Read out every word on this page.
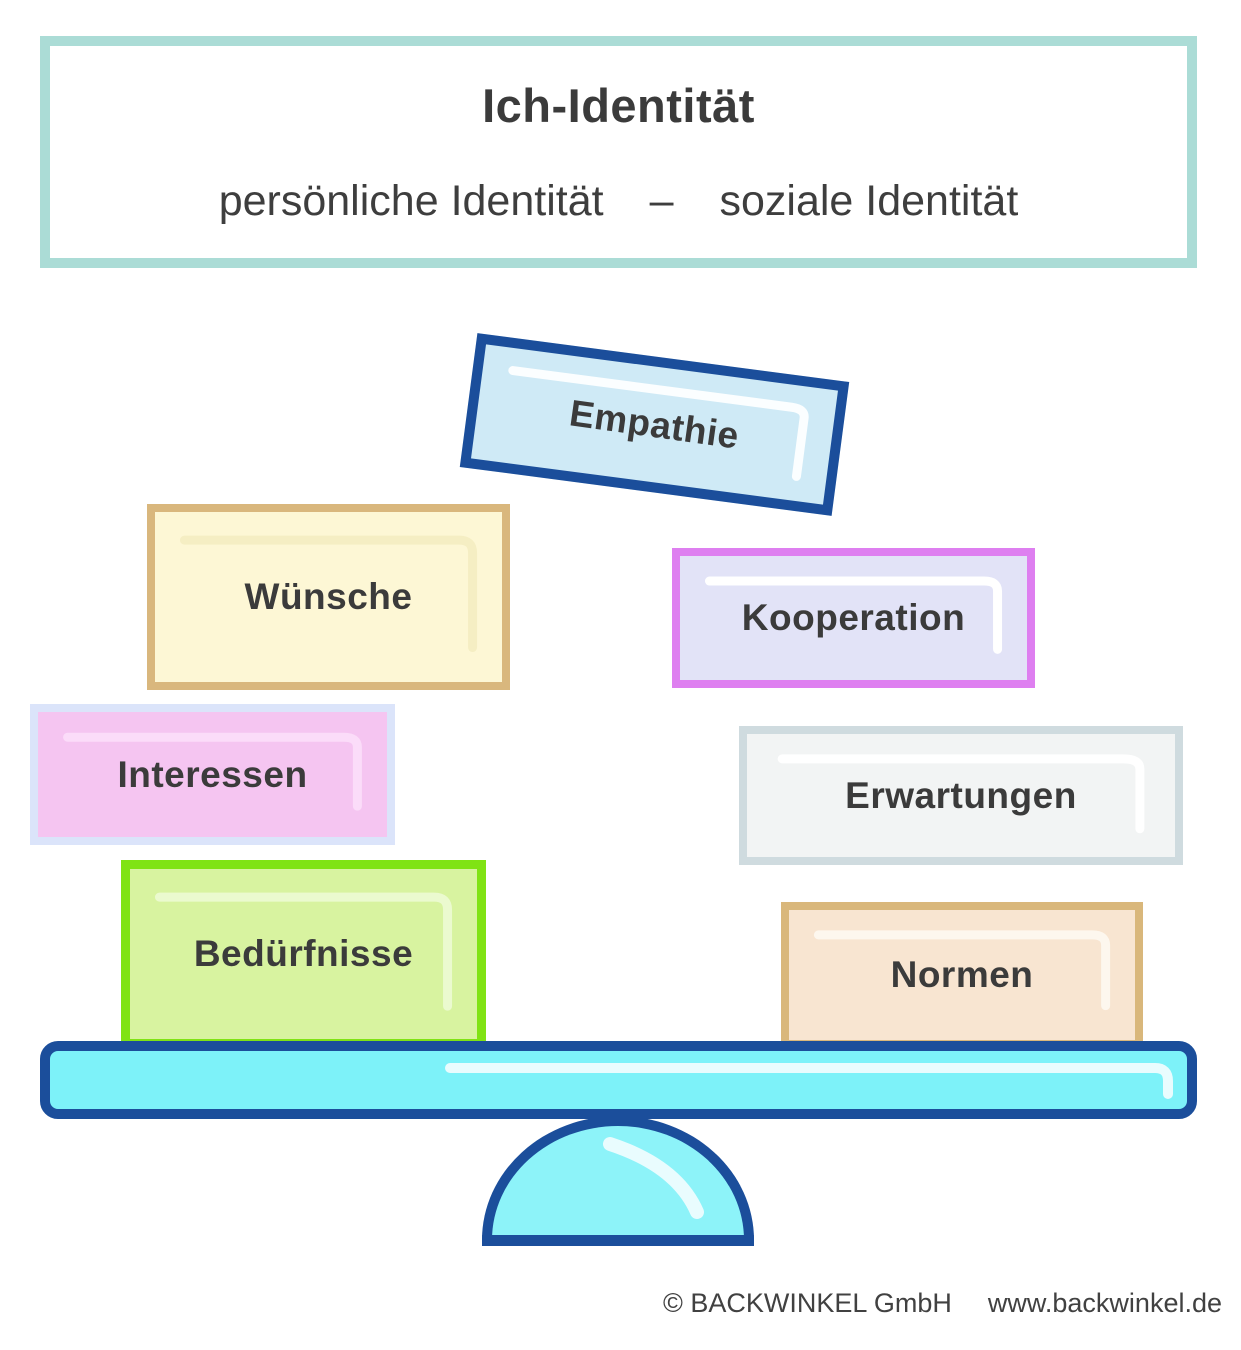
Ich-Identität
persönliche Identität – soziale Identität
Empathie
Wünsche
Kooperation
Interessen
Erwartungen
Bedürfnisse
Normen
© BACKWINKEL GmbH www.backwinkel.de
